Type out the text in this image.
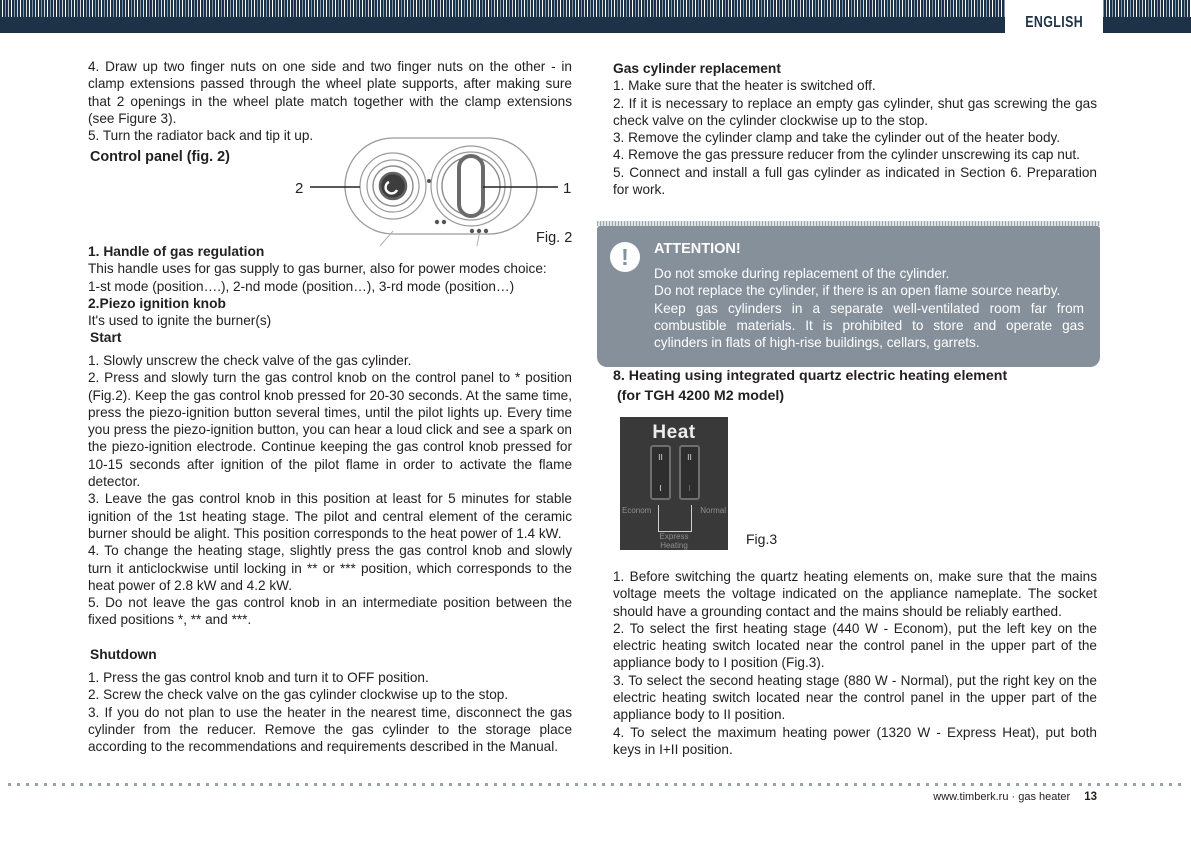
ENGLISH

4. Draw up two finger nuts on one side and two finger nuts on the other - in clamp extensions passed through the wheel plate supports, after making sure that 2 openings in the wheel plate match together with the clamp extensions (see Figure 3).

5. Turn the radiator back and tip it up.

Control panel (fig. 2)
2	1
Fig. 2

1. Handle of gas regulation

This handle uses for gas supply to gas burner, also for power modes choice:

1-st mode (position….), 2-nd mode (position…), 3-rd mode (position…)

2.Piezo ignition knob

It's used to ignite the burner(s)

Start

1. Slowly unscrew the check valve of the gas cylinder.

2. Press and slowly turn the gas control knob on the control panel to * position (Fig.2). Keep the gas control knob pressed for 20-30 seconds. At the same time, press the piezo-ignition button several times, until the pilot lights up. Every time you press the piezo-ignition button, you can hear a loud click and see a spark on the piezo-ignition electrode. Continue keeping the gas control knob pressed for 10-15 seconds after ignition of the pilot flame in order to activate the flame detector.

3. Leave the gas control knob in this position at least for 5 minutes for stable ignition of the 1st heating stage. The pilot and central element of the ceramic burner should be alight. This position corresponds to the heat power of 1.4 kW.

4. To change the heating stage, slightly press the gas control knob and slowly turn it anticlockwise until locking in ** or *** position, which corresponds to the heat power of 2.8 kW and 4.2 kW.

5. Do not leave the gas control knob in an intermediate position between the fixed positions *, ** and ***.

Shutdown

1. Press the gas control knob and turn it to OFF position.

2. Screw the check valve on the gas cylinder clockwise up to the stop.

3. If you do not plan to use the heater in the nearest time, disconnect the gas cylinder from the reducer. Remove the gas cylinder to the storage place according to the recommendations and requirements described in the Manual.

Gas cylinder replacement

1. Make sure that the heater is switched off.

2. If it is necessary to replace an empty gas cylinder, shut gas screwing the gas check valve on the cylinder clockwise up to the stop.

3. Remove the cylinder clamp and take the cylinder out of the heater body.

4. Remove the gas pressure reducer from the cylinder unscrewing its cap nut.

5. Connect and install a full gas cylinder as indicated in Section 6. Preparation for work.

!	ATTENTION!

Do not smoke during replacement of the cylinder.

Do not replace the cylinder, if there is an open flame source nearby.

Keep gas cylinders in a separate well-ventilated room far from combustible materials. It is prohibited to store and operate gas cylinders in flats of high-rise buildings, cellars, garrets.

8. Heating using integrated quartz electric heating element
(for TGH 4200 M2 model)
Heat
II
I
II
I
Econom	Normal
Express
Heating	Fig.3

1. Before switching the quartz heating elements on, make sure that the mains voltage meets the voltage indicated on the appliance nameplate. The socket should have a grounding contact and the mains should be reliably earthed.

2. To select the first heating stage (440 W - Econom), put the left key on the electric heating switch located near the control panel in the upper part of the appliance body to I position (Fig.3).

3. To select the second heating stage (880 W - Normal), put the right key on the electric heating switch located near the control panel in the upper part of the appliance body to II position.

4. To select the maximum heating power (1320 W - Express Heat), put both keys in I+II position.

www.timberk.ru · gas heater 13
